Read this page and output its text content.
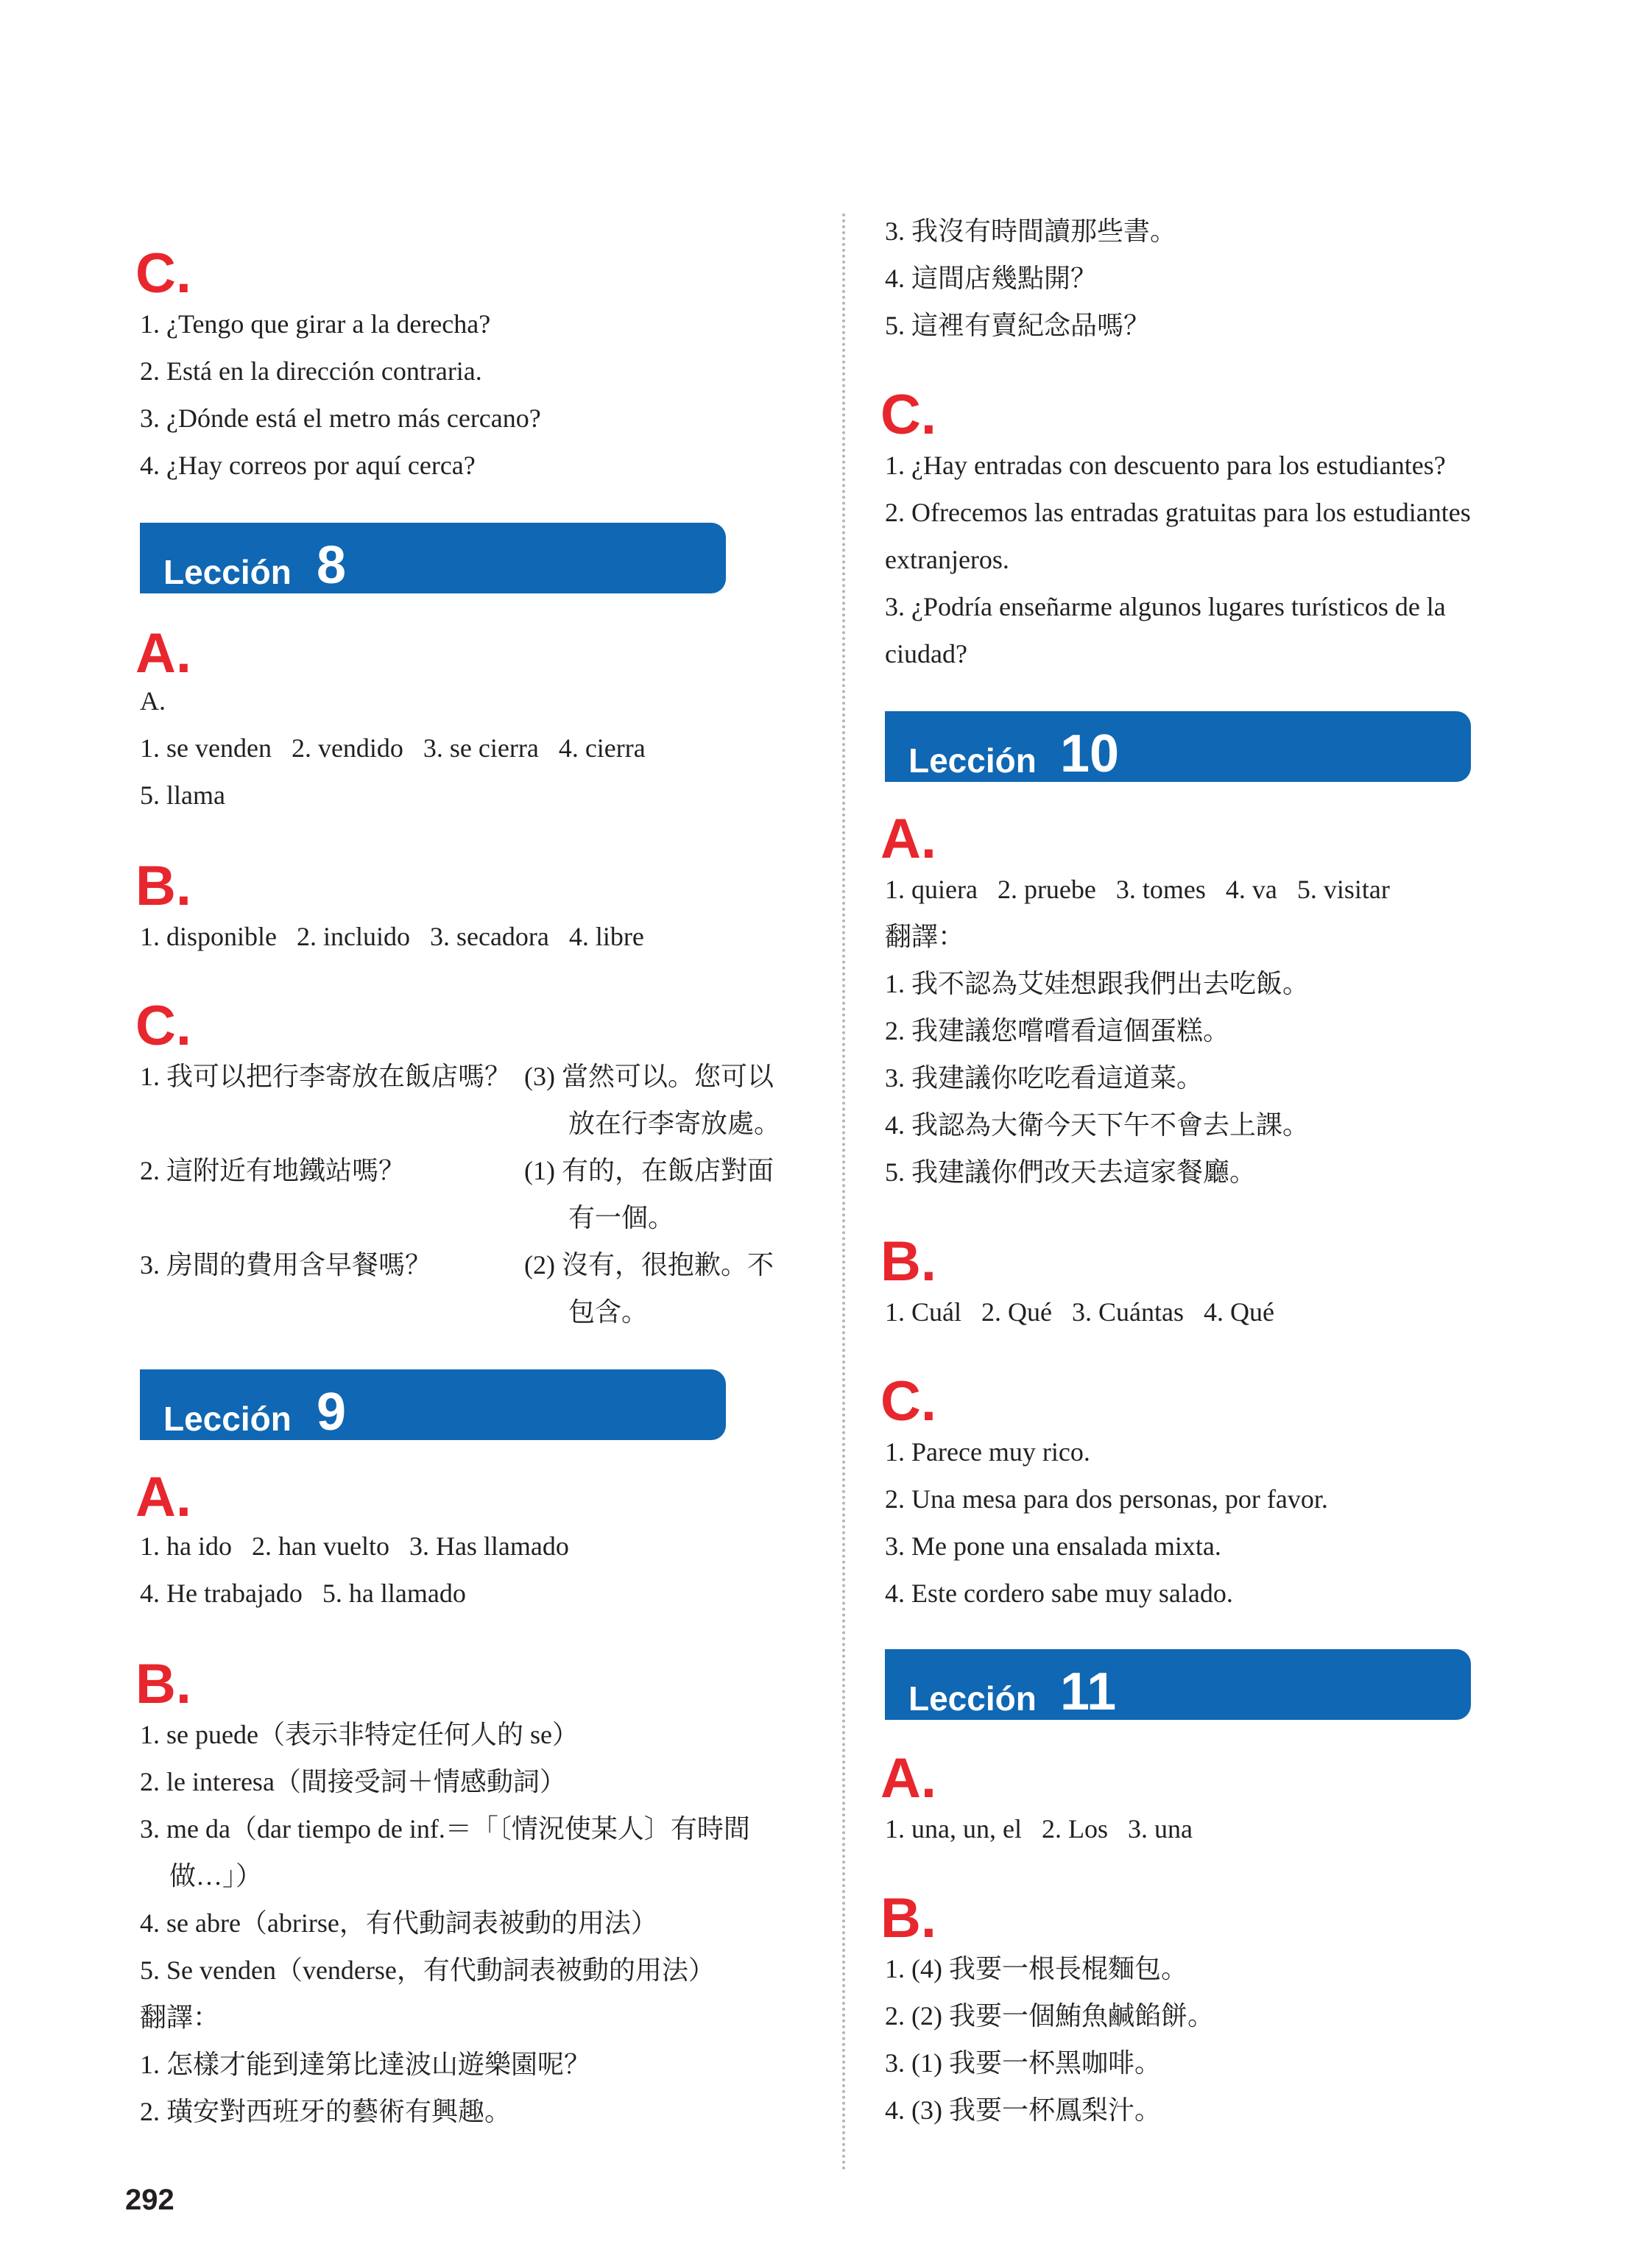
C.

1. ¿Tengo que girar a la derecha?

2. Está en la dirección contraria.

3. ¿Dónde está el metro más cercano?

4. ¿Hay correos por aquí cerca?

Lección 8
A.

A.

1. se venden   2. vendido   3. se cierra   4. cierra

5. llama

B.

1. disponible   2. incluido   3. secadora   4. libre

C.
1. 我可以把行李寄放在飯店嗎？ (3) 當然可以。您可以
放在行李寄放處。
2. 這附近有地鐵站嗎？	(1) 有的，在飯店對面
有一個。
3. 房間的費用含早餐嗎？	(2) 沒有，很抱歉。不
包含。
Lección 9
A.

1. ha ido   2. han vuelto   3. Has llamado

4. He trabajado   5. ha llamado

B.

1. se puede（表示非特定任何人的 se）

2. le interesa（間接受詞＋情感動詞）

3. me da（dar tiempo de inf.＝「〔情況使某人〕有時間

做…」）

4. se abre（abrirse，有代動詞表被動的用法）

5. Se venden（venderse，有代動詞表被動的用法）

翻譯：

1. 怎樣才能到達第比達波山遊樂園呢？

2. 璜安對西班牙的藝術有興趣。

3. 我沒有時間讀那些書。

4. 這間店幾點開？

5. 這裡有賣紀念品嗎？

C.

1. ¿Hay entradas con descuento para los estudiantes?

2. Ofrecemos las entradas gratuitas para los estudiantes

extranjeros.

3. ¿Podría enseñarme algunos lugares turísticos de la

ciudad?

Lección 10
A.

1. quiera   2. pruebe   3. tomes   4. va   5. visitar

翻譯：

1. 我不認為艾娃想跟我們出去吃飯。

2. 我建議您嚐嚐看這個蛋糕。

3. 我建議你吃吃看這道菜。

4. 我認為大衛今天下午不會去上課。

5. 我建議你們改天去這家餐廳。

B.

1. Cuál   2. Qué   3. Cuántas   4. Qué

C.

1. Parece muy rico.

2. Una mesa para dos personas, por favor.

3. Me pone una ensalada mixta.

4. Este cordero sabe muy salado.

Lección 11
A.

1. una, un, el   2. Los   3. una

B.

1. (4) 我要一根長棍麵包。

2. (2) 我要一個鮪魚鹹餡餅。

3. (1) 我要一杯黑咖啡。

4. (3) 我要一杯鳳梨汁。

292
